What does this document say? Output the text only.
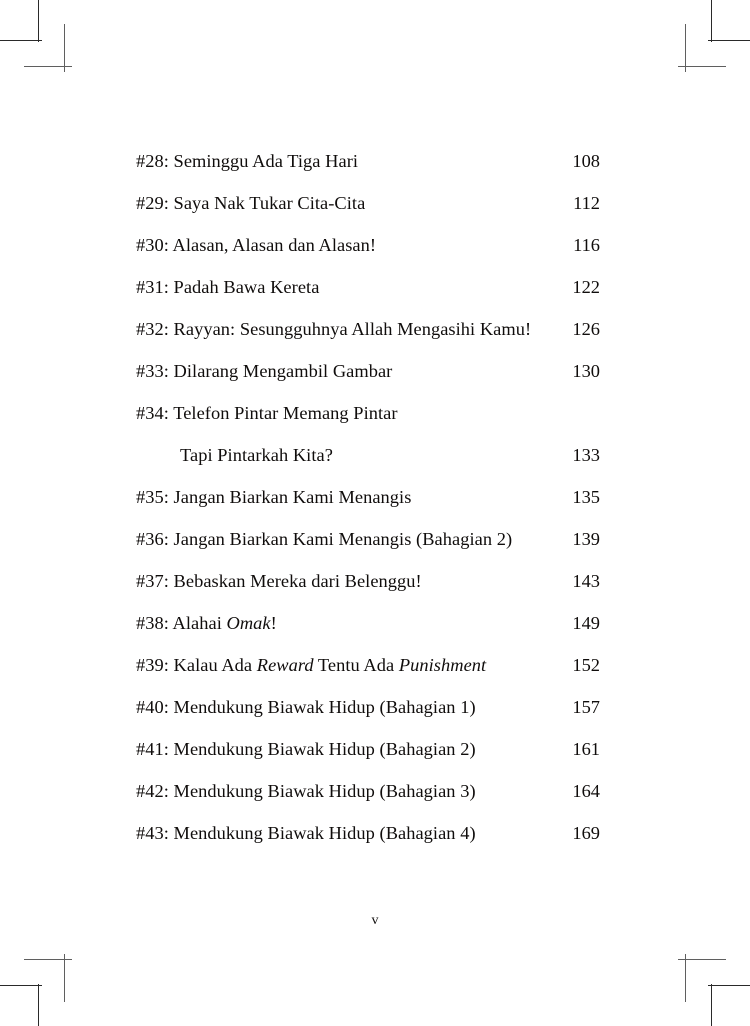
#28: Seminggu Ada Tiga Hari	108
#29: Saya Nak Tukar Cita-Cita	112
#30: Alasan, Alasan dan Alasan!	116
#31: Padah Bawa Kereta	122
#32: Rayyan: Sesungguhnya Allah Mengasihi Kamu! 126
#33: Dilarang Mengambil Gambar	130
#34: Telefon Pintar Memang Pintar
Tapi Pintarkah Kita?	133
#35: Jangan Biarkan Kami Menangis	135
#36: Jangan Biarkan Kami Menangis (Bahagian 2)	139
#37: Bebaskan Mereka dari Belenggu!	143
#38: Alahai Omak!	149
#39: Kalau Ada Reward Tentu Ada Punishment	152
#40: Mendukung Biawak Hidup (Bahagian 1)	157
#41: Mendukung Biawak Hidup (Bahagian 2)	161
#42: Mendukung Biawak Hidup (Bahagian 3)	164
#43: Mendukung Biawak Hidup (Bahagian 4)	169
v
